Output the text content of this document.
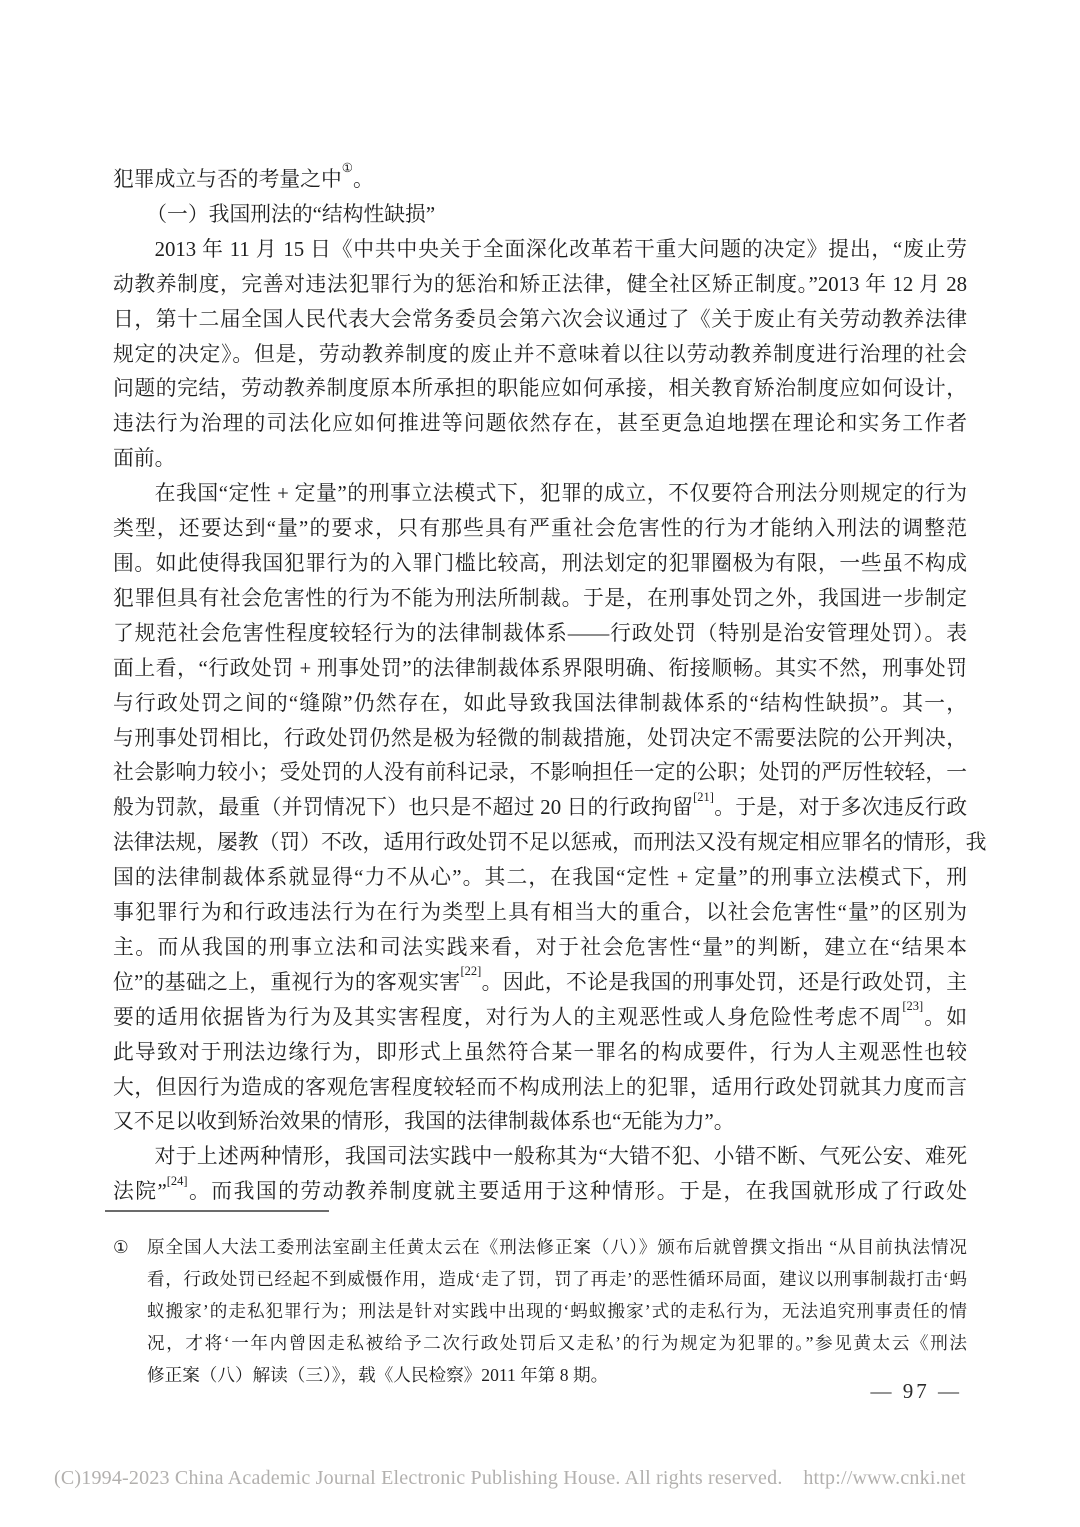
犯罪成立与否的考量之中①。
（一）我国刑法的“结构性缺损”
2013 年 11 月 15 日《中共中央关于全面深化改革若干重大问题的决定》提出，“废止劳
动教养制度，完善对违法犯罪行为的惩治和矫正法律，健全社区矫正制度。”2013 年 12 月 28
日，第十二届全国人民代表大会常务委员会第六次会议通过了《关于废止有关劳动教养法律
规定的决定》。但是，劳动教养制度的废止并不意味着以往以劳动教养制度进行治理的社会
问题的完结，劳动教养制度原本所承担的职能应如何承接，相关教育矫治制度应如何设计，
违法行为治理的司法化应如何推进等问题依然存在，甚至更急迫地摆在理论和实务工作者
面前。
在我国“定性 + 定量”的刑事立法模式下，犯罪的成立，不仅要符合刑法分则规定的行为
类型，还要达到“量”的要求，只有那些具有严重社会危害性的行为才能纳入刑法的调整范
围。如此使得我国犯罪行为的入罪门槛比较高，刑法划定的犯罪圈极为有限，一些虽不构成
犯罪但具有社会危害性的行为不能为刑法所制裁。于是，在刑事处罚之外，我国进一步制定
了规范社会危害性程度较轻行为的法律制裁体系——行政处罚（特别是治安管理处罚）。表
面上看，“行政处罚 + 刑事处罚”的法律制裁体系界限明确、衔接顺畅。其实不然，刑事处罚
与行政处罚之间的“缝隙”仍然存在，如此导致我国法律制裁体系的“结构性缺损”。其一，
与刑事处罚相比，行政处罚仍然是极为轻微的制裁措施，处罚决定不需要法院的公开判决，
社会影响力较小；受处罚的人没有前科记录，不影响担任一定的公职；处罚的严厉性较轻，一
般为罚款，最重（并罚情况下）也只是不超过 20 日的行政拘留[21]。于是，对于多次违反行政
法律法规，屡教（罚）不改，适用行政处罚不足以惩戒，而刑法又没有规定相应罪名的情形，我
国的法律制裁体系就显得“力不从心”。其二，在我国“定性 + 定量”的刑事立法模式下，刑
事犯罪行为和行政违法行为在行为类型上具有相当大的重合，以社会危害性“量”的区别为
主。而从我国的刑事立法和司法实践来看，对于社会危害性“量”的判断，建立在“结果本
位”的基础之上，重视行为的客观实害[22]。因此，不论是我国的刑事处罚，还是行政处罚，主
要的适用依据皆为行为及其实害程度，对行为人的主观恶性或人身危险性考虑不周[23]。如
此导致对于刑法边缘行为，即形式上虽然符合某一罪名的构成要件，行为人主观恶性也较
大，但因行为造成的客观危害程度较轻而不构成刑法上的犯罪，适用行政处罚就其力度而言
又不足以收到矫治效果的情形，我国的法律制裁体系也“无能为力”。
对于上述两种情形，我国司法实践中一般称其为“大错不犯、小错不断、气死公安、难死
法院”[24]。而我国的劳动教养制度就主要适用于这种情形。于是，在我国就形成了行政处
① 原全国人大法工委刑法室副主任黄太云在《刑法修正案（八）》颁布后就曾撰文指出 “从目前执法情况
看，行政处罚已经起不到威慑作用，造成‘走了罚，罚了再走’的恶性循环局面，建议以刑事制裁打击‘蚂
蚁搬家’的走私犯罪行为；刑法是针对实践中出现的‘蚂蚁搬家’式的走私行为，无法追究刑事责任的情
况，才将‘一年内曾因走私被给予二次行政处罚后又走私’的行为规定为犯罪的。”参见黄太云《刑法
修正案（八）解读（三）》，载《人民检察》2011 年第 8 期。
— 97 —
(C)1994-2023 China Academic Journal Electronic Publishing House. All rights reserved.    http://www.cnki.net
